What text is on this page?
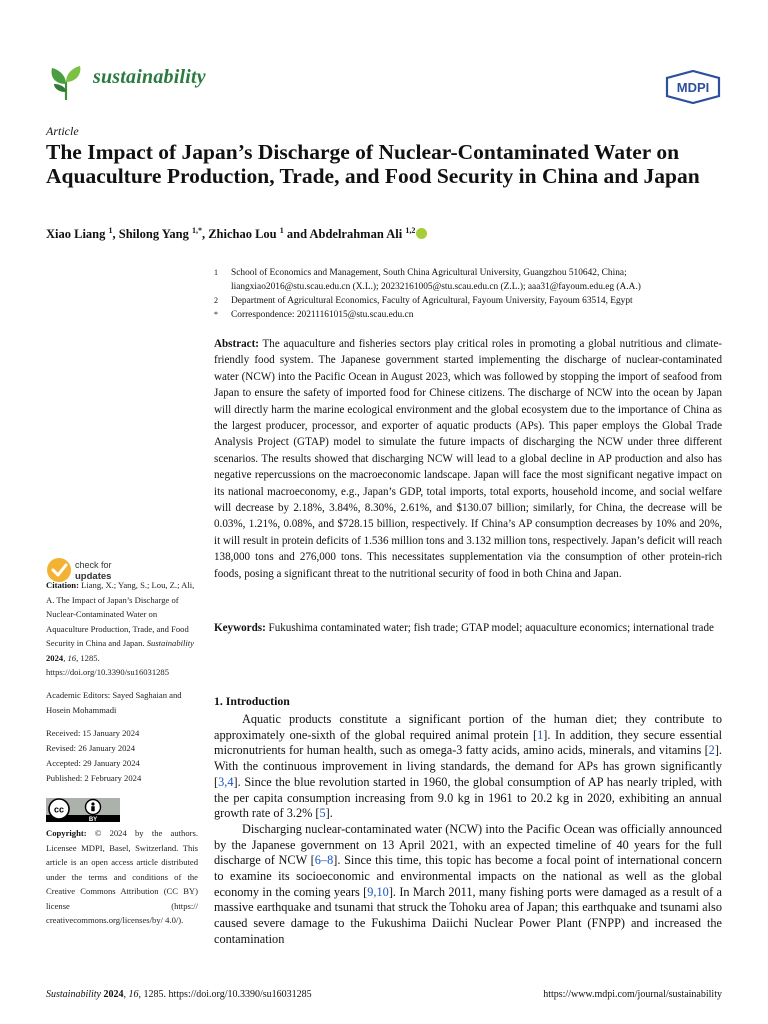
sustainability	MDPI
Article
The Impact of Japan’s Discharge of Nuclear-Contaminated Water on Aquaculture Production, Trade, and Food Security in China and Japan
Xiao Liang $^1$, Shilong Yang $^{1,*}$, Zhichao Lou $^1$ and Abdelrahman Ali $^{1,2}$
1 School of Economics and Management, South China Agricultural University, Guangzhou 510642, China; liangxiao2016@stu.scau.edu.cn (X.L.); 20232161005@stu.scau.edu.cn (Z.L.); aaa31@fayoum.edu.eg (A.A.)
2 Department of Agricultural Economics, Faculty of Agricultural, Fayoum University, Fayoum 63514, Egypt
* Correspondence: 20211161015@stu.scau.edu.cn
Abstract: The aquaculture and fisheries sectors play critical roles in promoting a global nutritious and climate-friendly food system. The Japanese government started implementing the discharge of nuclear-contaminated water (NCW) into the Pacific Ocean in August 2023, which was followed by stopping the import of seafood from Japan to ensure the safety of imported food for Chinese citizens. The discharge of NCW into the ocean by Japan will directly harm the marine ecological environment and the global ecosystem due to the importance of China as the largest producer, processor, and exporter of aquatic products (APs). This paper employs the Global Trade Analysis Project (GTAP) model to simulate the future impacts of discharging the NCW under three different scenarios. The results showed that discharging NCW will lead to a global decline in AP production and also has negative repercussions on the macroeconomic landscape. Japan will face the most significant negative impact on its national macroeconomy, e.g., Japan’s GDP, total imports, total exports, household income, and social welfare will decrease by 2.18%, 3.84%, 8.30%, 2.61%, and $130.07 billion; similarly, for China, the decrease will be 0.03%, 1.21%, 0.08%, and $728.15 billion, respectively. If China’s AP consumption decreases by 10% and 20%, it will result in protein deficits of 1.536 million tons and 3.132 million tons, respectively. Japan’s deficit will reach 138,000 tons and 276,000 tons. This necessitates supplementation via the consumption of other protein-rich foods, posing a significant threat to the nutritional security of food in both China and Japan.
Keywords: Fukushima contaminated water; fish trade; GTAP model; aquaculture economics; international trade
check for
updates
Citation: Liang, X.; Yang, S.; Lou, Z.; Ali, A. The Impact of Japan’s Discharge of Nuclear-Contaminated Water on Aquaculture Production, Trade, and Food Security in China and Japan. Sustainability 2024, 16, 1285. https://doi.org/10.3390/su16031285
Academic Editors: Sayed Saghaian and Hosein Mohammadi
Received: 15 January 2024
Revised: 26 January 2024
Accepted: 29 January 2024
Published: 2 February 2024
cc
BY
Copyright: © 2024 by the authors. Licensee MDPI, Basel, Switzerland. This article is an open access article distributed under the terms and conditions of the Creative Commons Attribution (CC BY) license (https:// creativecommons.org/licenses/by/ 4.0/).
1. Introduction

Aquatic products constitute a significant portion of the human diet; they contribute to approximately one-sixth of the global required animal protein [1]. In addition, they secure essential micronutrients for human health, such as omega-3 fatty acids, amino acids, minerals, and vitamins [2]. With the continuous improvement in living standards, the demand for APs has grown significantly [3,4]. Since the blue revolution started in 1960, the global consumption of AP has nearly tripled, with the per capita consumption increasing from 9.0 kg in 1961 to 20.2 kg in 2020, exhibiting an annual growth rate of 3.2% [5].

Discharging nuclear-contaminated water (NCW) into the Pacific Ocean was officially announced by the Japanese government on 13 April 2021, with an expected timeline of 40 years for the full discharge of NCW [6–8]. Since this time, this topic has become a focal point of international concern to examine its socioeconomic and environmental impacts on the national as well as the global economy in the coming years [9,10]. In March 2011, many fishing ports were damaged as a result of a massive earthquake and tsunami that struck the Tohoku area of Japan; this earthquake and tsunami also caused severe damage to the Fukushima Daiichi Nuclear Power Plant (FNPP) and increased the contamination

Sustainability 2024, 16, 1285. https://doi.org/10.3390/su16031285	https://www.mdpi.com/journal/sustainability
